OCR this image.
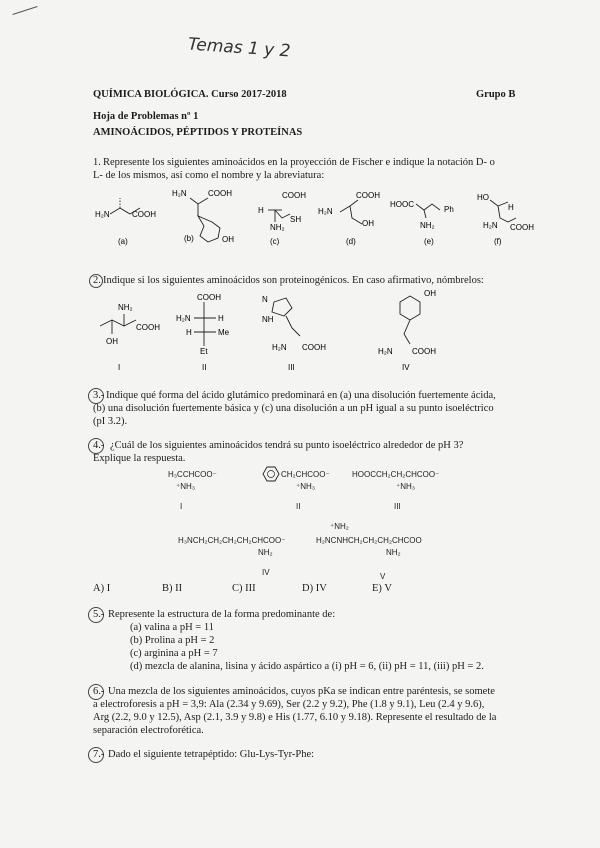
Temas 1 y 2
QUÍMICA BIOLÓGICA. Curso 2017-2018	Grupo B
Hoja de Problemas nº 1
AMINOÁCIDOS, PÉPTIDOS Y PROTEÍNAS
1. Represente los siguientes aminoácidos en la proyección de Fischer e indique la notación D- o
L- de los mismos, así como el nombre y la abreviatura:
H₂N	COOH
(a)
H₂N	COOH
OH
(b)
H
COOH
SH
NH₂
(c)
H₂N
COOH
OH
(d)
HOOC
Ph
NH₂
(e)
HO
H
H₂N COOH
(f)
2. Indique si los siguientes aminoácidos son proteinogénicos. En caso afirmativo, nómbrelos:
NH₂
COOH
OH
I
COOH
H₂N	H
H	Me
Et
II
N
NH
H₂N COOH
III
OH
H₂N COOH
IV
3.- Indique qué forma del ácido glutámico predominará en (a) una disolución fuertemente ácida,
(b) una disolución fuertemente básica y (c) una disolución a un pH igual a su punto isoeléctrico
(pI 3.2).
4.- ¿Cuál de los siguientes aminoácidos tendrá su punto isoeléctrico alrededor de pH 3?
Explique la respuesta.
H₃CCHCOO⁻
⁺NH₃
I
CH₂CHCOO⁻
⁺NH₃
II
HOOCCH₂CH₂CHCOO⁻
⁺NH₃
III
H₃NCH₂CH₂CH₂CH₂CHCOO⁻
NH₂
IV
⁺NH₂
H₂NCNHCH₂CH₂CH₂CHCOO
NH₂
V
A) I	B) II	C) III	D) IV	E) V
5.- Represente la estructura de la forma predominante de:
(a) valina a pH = 11
(b) Prolina a pH = 2
(c) arginina a pH = 7
(d) mezcla de alanina, lisina y ácido aspártico a (i) pH = 6, (ii) pH = 11, (iii) pH = 2.
6.- Una mezcla de los siguientes aminoácidos, cuyos pKa se indican entre paréntesis, se somete
a electroforesis a pH = 3,9: Ala (2.34 y 9.69), Ser (2.2 y 9.2), Phe (1.8 y 9.1), Leu (2.4 y 9.6),
Arg (2.2, 9.0 y 12.5), Asp (2.1, 3.9 y 9.8) e His (1.77, 6.10 y 9.18). Represente el resultado de la
separación electroforética.
7.- Dado el siguiente tetrapéptido: Glu-Lys-Tyr-Phe:
